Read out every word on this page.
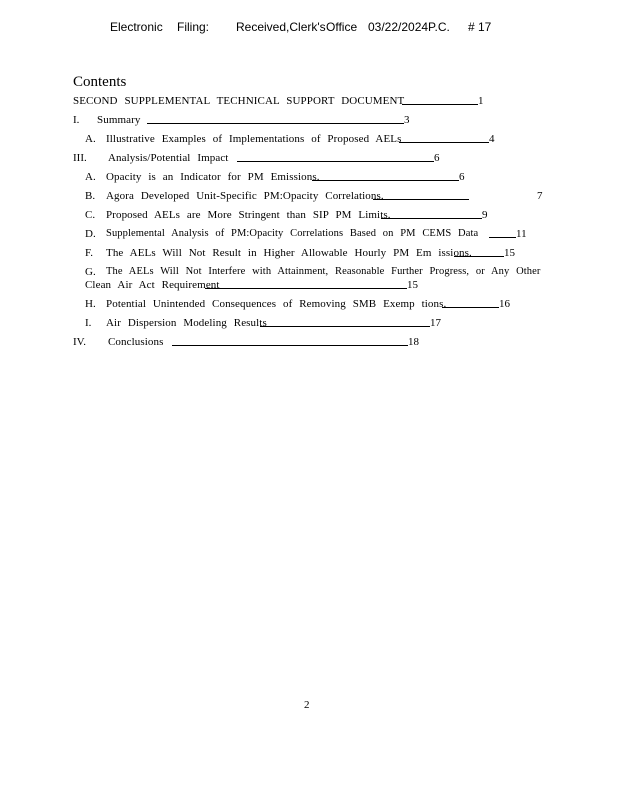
Electronic Filing: Received,Clerk's Office 03/22/2024P.C. # 17
Contents
SECOND SUPPLEMENTAL TECHNICAL SUPPORT DOCUMENT	1
I. Summary	3
A. Illustrative Examples of Implementations of Proposed AELs	4
III. Analysis/Potential Impact	6
A. Opacity is an Indicator for PM Emissions.	6
B. Agora Developed Unit-Specific PM:Opacity Correlations.	7
C. Proposed AELs are More Stringent than SIP PM Limits.	9
D. Supplemental Analysis of PM:Opacity Correlations Based on PM CEMS Data	11
F. The AELs Will Not Result in Higher Allowable Hourly PM Em issions.	15
G. The AELs Will Not Interfere with Attainment, Reasonable Further Progress, or Any Other
Clean Air Act Requirement	15
H. Potential Unintended Consequences of Removing SMB Exemp tions.	16
I. Air Dispersion Modeling Results	17
IV. Conclusions	18
2
